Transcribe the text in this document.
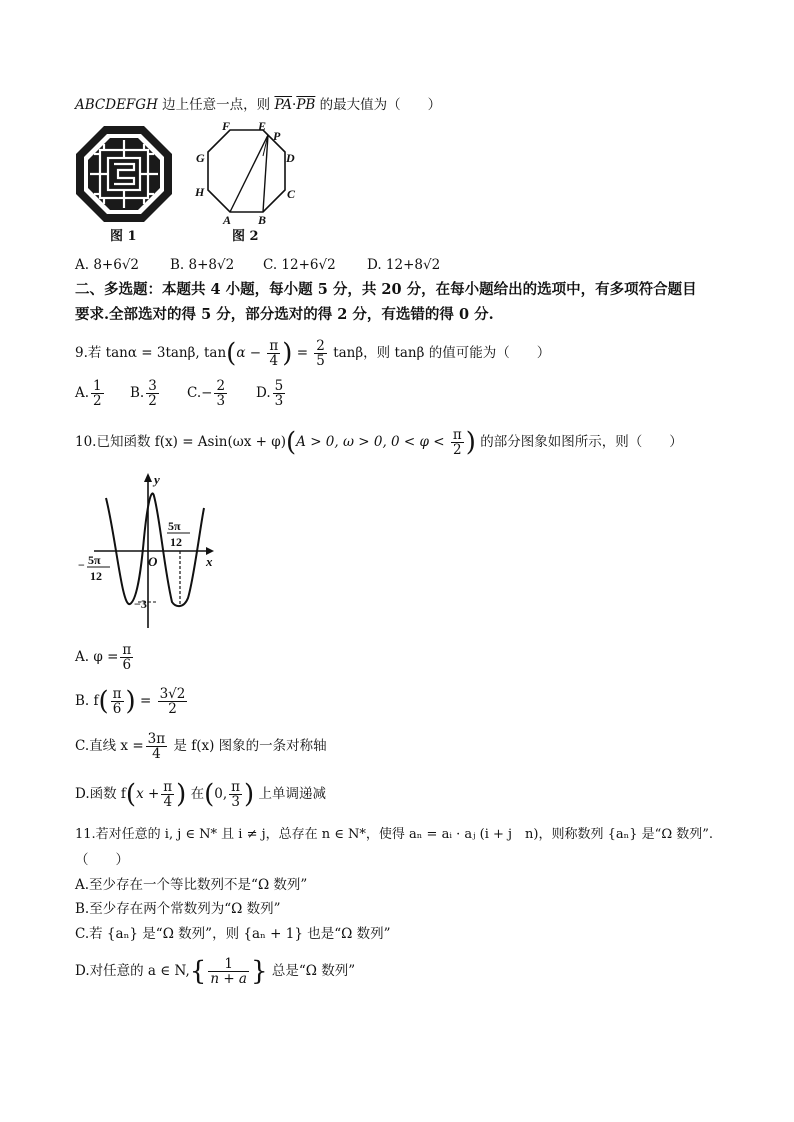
ABCDEFGH 边上任意一点，则 $\overline{PA}\cdot\overline{PB}$ 的最大值为（　　）
图 1
F E
P
D
G
C
H
A B
图 2
A. 8+6√2 B. 8+8√2 C. 12+6√2 D. 12+8√2
二、多选题：本题共 4 小题，每小题 5 分，共 20 分，在每小题给出的选项中，有多项符合题目
要求.全部选对的得 5 分，部分选对的得 2 分，有选错的得 0 分.
9.若 tanα = 3tanβ, $\tan(\alpha - \frac{\pi}{4}$ ) = $\frac{2}{5}$ tanβ，则 tanβ 的值可能为（　　）
A. $\frac{1}{2} B$. $\frac{3}{2} C.- \frac{2}{3} D$. $\frac{5}{3}$
10.已知函数 f(x) = Asin(ωx + φ)(A > 0, ω > 0, $0 < \varphi < \frac{\pi}{2}$ ) 的部分图象如图所示，则（　　）
y
x
O
− 5π
12
5π
12
−3
A. $\varphi = \frac{\pi}{6}$
B. $f( \frac{\pi}{6}$ ) = $\frac{3√2}{2}$
C.直线 $x = \frac{3\pi}{4}$ 是 f(x) 图象的一条对称轴
D.函数 $f(x + \frac{\pi}{4}$ ) 在(0, $\frac{\pi}{3}$ ) 上单调递减
11.若对任意的 i, j ∈ N* 且 i ≠ j，总存在 n ∈ N*，使得 aₙ = aᵢ · aⱼ (i + j　n)，则称数列 {aₙ} 是“Ω 数列”.
（　　）
A.至少存在一个等比数列不是“Ω 数列”
B.至少存在两个常数列为“Ω 数列”
C.若 {aₙ} 是“Ω 数列”，则 {aₙ + 1} 也是“Ω 数列”
D.对任意的 a ∈ $N,\{ \frac{1}{n + a}$ } 总是“Ω 数列”
